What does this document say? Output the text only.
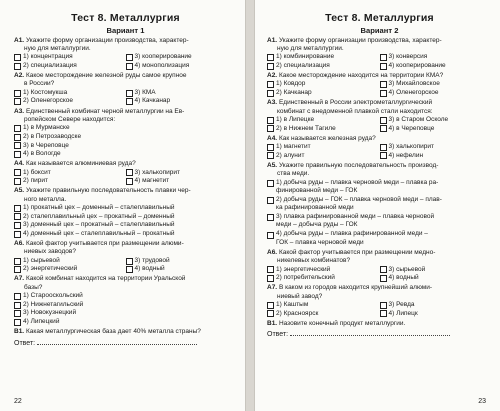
Тест 8. Металлургия
Вариант 1
А1. Укажите форму организации производства, характер-
ную для металлургии.
1) концентрация	3) кооперирование
2) специализация	4) монополизация
А2. Какое месторождение железной руды самое крупное
в России?
1) Костомукша	3) КМА
2) Оленегорское	4) Качканар
А3. Единственный комбинат черной металлургии на Ев-
ропейском Севере находится:
1) в Мурманске
2) в Петрозаводске
3) в Череповце
4) в Вологде
А4. Как называется алюминиевая руда?
1) боксит	3) халькопирит
2) пирит	4) магнетит
А5. Укажите правильную последовательность плавки чер-
ного металла.
1) прокатный цех – доменный – сталеплавильный
2) сталеплавильный цех – прокатный – доменный
3) доменный цех – прокатный – сталеплавильный
4) доменный цех – сталеплавильный – прокатный
А6. Какой фактор учитывается при размещении алюми-
ниевых заводов?
1) сырьевой	3) трудовой
2) энергетический	4) водный
А7. Какой комбинат находится на территории Уральской
базы?
1) Старооскольский
2) Нижнетагильский
3) Новокузнецкий
4) Липецкий
В1. Какая металлургическая база дает 40% металла страны?
Ответ:
22
Тест 8. Металлургия
Вариант 2
А1. Укажите форму организации производства, характер-
ную для металлургии.
1) комбинирование	3) конверсия
2) специализация	4) кооперирование
А2. Какое месторождение находится на территории КМА?
1) Ковдор	3) Михайловское
2) Качканар	4) Оленегорское
А3. Единственный в России электрометаллургический
комбинат с внедоменной плавкой стали находится:
1) в Липецке	3) в Старом Осколе
2) в Нижнем Тагиле	4) в Череповце
А4. Как называется железная руда?
1) магнетит	3) халькопирит
2) алунит	4) нефелин
А5. Укажите правильную последовательность производ-
ства меди.
1) добыча руды – плавка черновой меди – плавка ра-
финированной меди – ГОК
2) добыча руды – ГОК – плавка черновой меди – плав-
ка рафинированной меди
3) плавка рафинированной меди – плавка черновой
меди – добыча руды – ГОК
4) добыча руды – плавка рафинированной меди –
ГОК – плавка черновой меди
А6. Какой фактор учитывается при размещении медно-
никелевых комбинатов?
1) энергетический	3) сырьевой
2) потребительский	4) водный
А7. В каком из городов находится крупнейший алюми-
ниевый завод?
1) Каштым	3) Ревда
2) Красноярск	4) Липецк
В1. Назовите конечный продукт металлургии.
Ответ:
23
